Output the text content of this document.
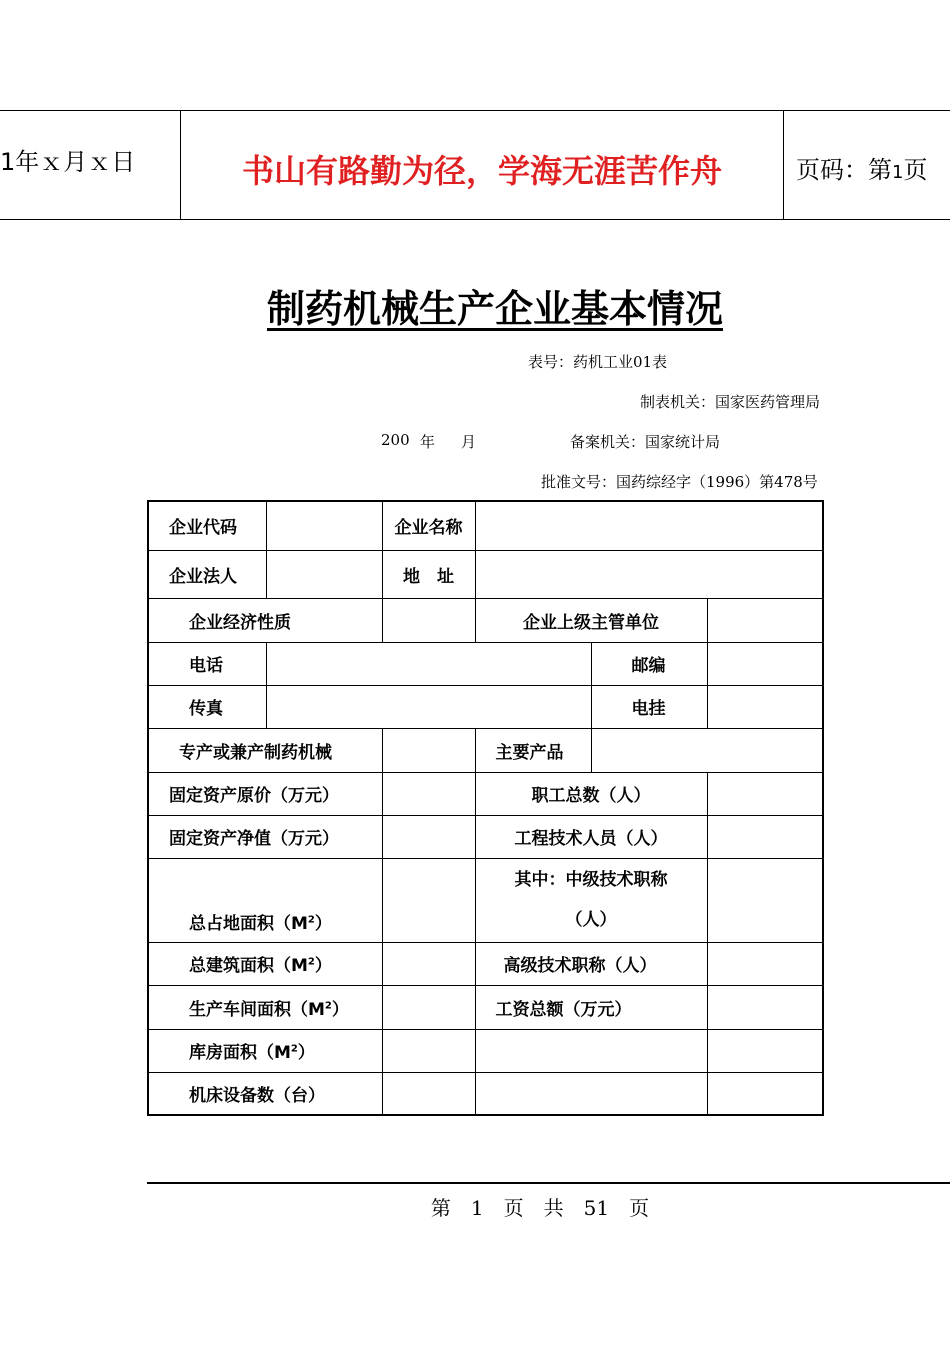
1年ｘ月ｘ日	书山有路勤为径，学海无涯苦作舟	页码：第1页
制药机械生产企业基本情况
表号：药机工业01表
制表机关：国家医药管理局
200 年 月	备案机关：国家统计局
批准文号：国药综经字（1996）第478号
企业代码		企业名称			
企业法人		地　址			
企业经济性质			企业上级主管单位		
电话				邮编	
传真				电挂	
专产或兼产制药机械			主要产品		
固定资产原价（万元）			职工总数（人）		
固定资产净值（万元）			工程技术人员（人）		
总占地面积$(M^2)$			其中：中级技术职称
（人）		

总建筑面积$(M^2)$			高级技术职称（人）		
生产车间面积$(M^2)$			工资总额（万元）		
库房面积$(M^2)$					
机床设备数（台）					
第　1　页　共　51　页
